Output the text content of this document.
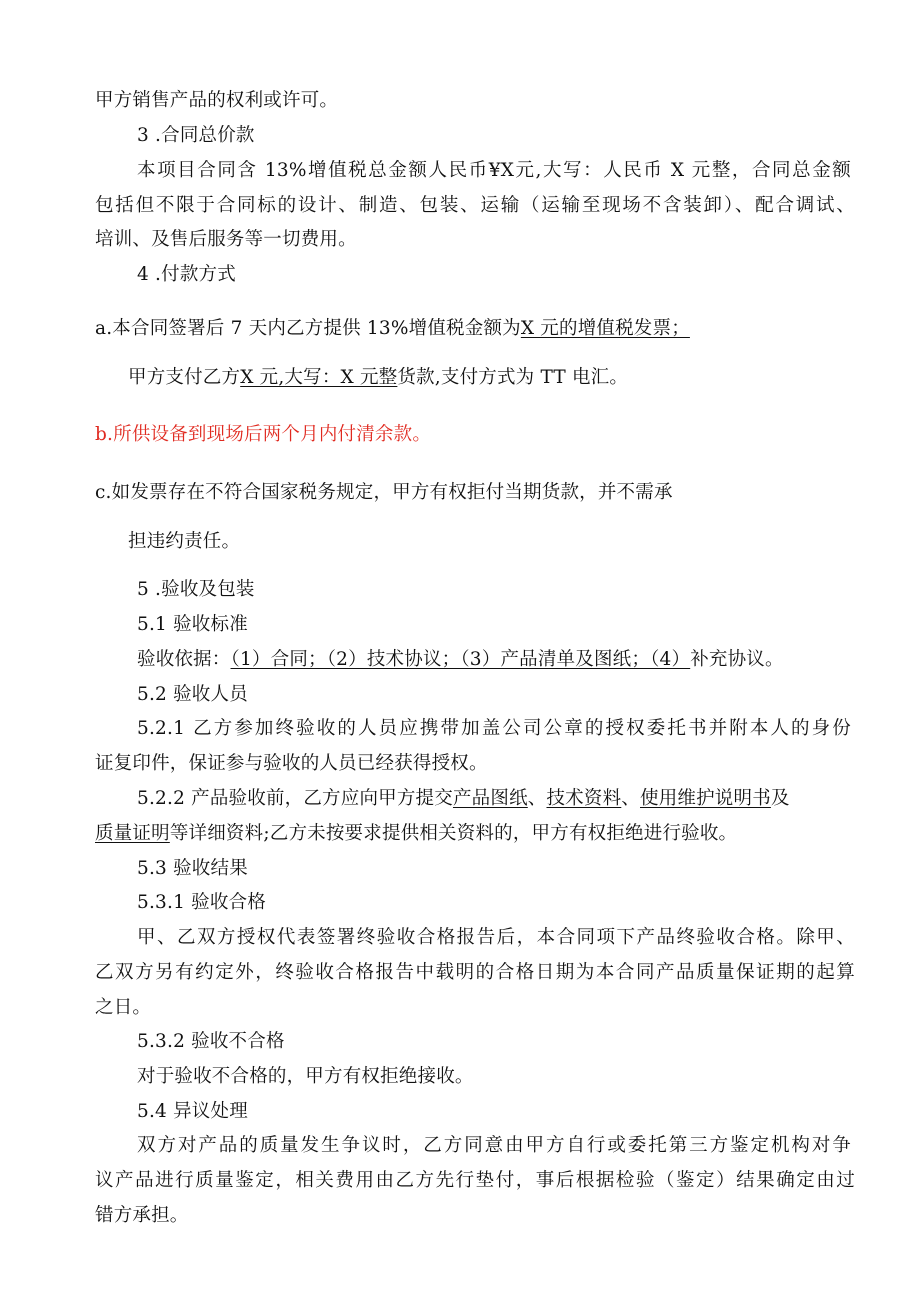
甲方销售产品的权利或许可。
3 .合同总价款
本项目合同含 13%增值税总金额人民币¥X元,大写：人民币 X 元整，合同总金额
包括但不限于合同标的设计、制造、包装、运输（运输至现场不含装卸）、配合调试、
培训、及售后服务等一切费用。
4 .付款方式
a.本合同签署后 7 天内乙方提供 13%增值税金额为X 元的增值税发票；
甲方支付乙方X 元,大写：X 元整货款,支付方式为 TT 电汇。
b.所供设备到现场后两个月内付清余款。
c.如发票存在不符合国家税务规定，甲方有权拒付当期货款，并不需承
担违约责任。
5 .验收及包装
5.1 验收标准
验收依据：（1）合同；（2）技术协议；（3）产品清单及图纸；（4）补充协议。
5.2 验收人员
5.2.1 乙方参加终验收的人员应携带加盖公司公章的授权委托书并附本人的身份
证复印件，保证参与验收的人员已经获得授权。
5.2.2 产品验收前，乙方应向甲方提交产品图纸、技术资料、使用维护说明书及
质量证明等详细资料;乙方未按要求提供相关资料的，甲方有权拒绝进行验收。
5.3 验收结果
5.3.1 验收合格
甲、乙双方授权代表签署终验收合格报告后，本合同项下产品终验收合格。除甲、
乙双方另有约定外，终验收合格报告中载明的合格日期为本合同产品质量保证期的起算
之日。
5.3.2 验收不合格
对于验收不合格的，甲方有权拒绝接收。
5.4 异议处理
双方对产品的质量发生争议时，乙方同意由甲方自行或委托第三方鉴定机构对争
议产品进行质量鉴定，相关费用由乙方先行垫付，事后根据检验（鉴定）结果确定由过
错方承担。
